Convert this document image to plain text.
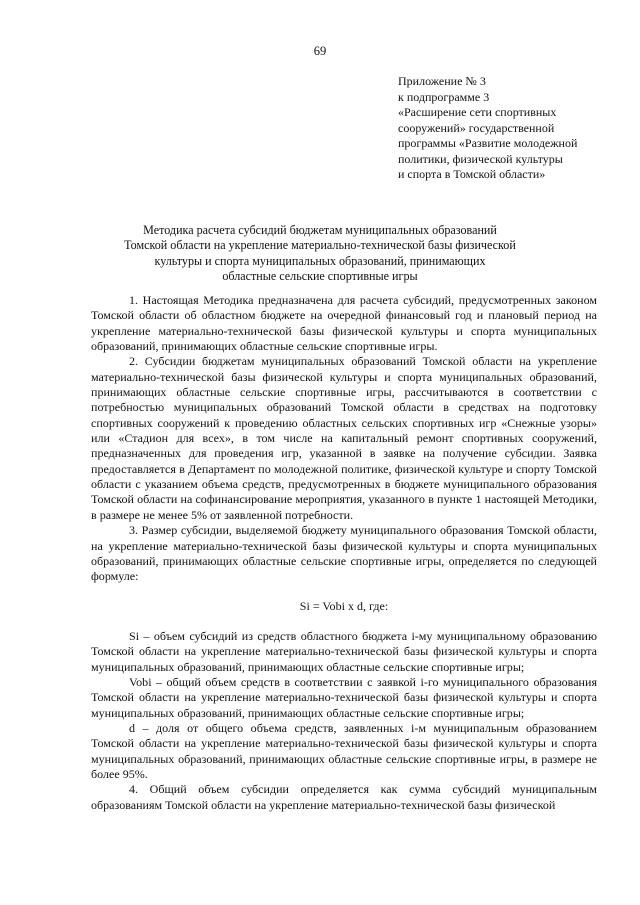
69
Приложение № 3
к подпрограмме 3
«Расширение сети спортивных
сооружений» государственной
программы «Развитие молодежной
политики, физической культуры
и спорта в Томской области»
Методика расчета субсидий бюджетам муниципальных образований
Томской области на укрепление материально-технической базы физической
культуры и спорта муниципальных образований, принимающих
областные сельские спортивные игры

1. Настоящая Методика предназначена для расчета субсидий, предусмотренных законом Томской области об областном бюджете на очередной финансовый год и плановый период на укрепление материально-технической базы физической культуры и спорта муниципальных образований, принимающих областные сельские спортивные игры.

2. Субсидии бюджетам муниципальных образований Томской области на укрепление материально-технической базы физической культуры и спорта муниципальных образований, принимающих областные сельские спортивные игры, рассчитываются в соответствии с потребностью муниципальных образований Томской области в средствах на подготовку спортивных сооружений к проведению областных сельских спортивных игр «Снежные узоры» или «Стадион для всех», в том числе на капитальный ремонт спортивных сооружений, предназначенных для проведения игр, указанной в заявке на получение субсидии. Заявка предоставляется в Департамент по молодежной политике, физической культуре и спорту Томской области с указанием объема средств, предусмотренных в бюджете муниципального образования Томской области на софинансирование мероприятия, указанного в пункте 1 настоящей Методики, в размере не менее 5% от заявленной потребности.

3. Размер субсидии, выделяемой бюджету муниципального образования Томской области, на укрепление материально-технической базы физической культуры и спорта муниципальных образований, принимающих областные сельские спортивные игры, определяется по следующей формуле:

Si = Vobi x d, где:

Si – объем субсидий из средств областного бюджета i-му муниципальному образованию Томской области на укрепление материально-технической базы физической культуры и спорта муниципальных образований, принимающих областные сельские спортивные игры;

Vobi – общий объем средств в соответствии с заявкой i-го муниципального образования Томской области на укрепление материально-технической базы физической культуры и спорта муниципальных образований, принимающих областные сельские спортивные игры;

d – доля от общего объема средств, заявленных i-м муниципальным образованием Томской области на укрепление материально-технической базы физической культуры и спорта муниципальных образований, принимающих областные сельские спортивные игры, в размере не более 95%.

4. Общий объем субсидии определяется как сумма субсидий муниципальным образованиям Томской области на укрепление материально-технической базы физической
